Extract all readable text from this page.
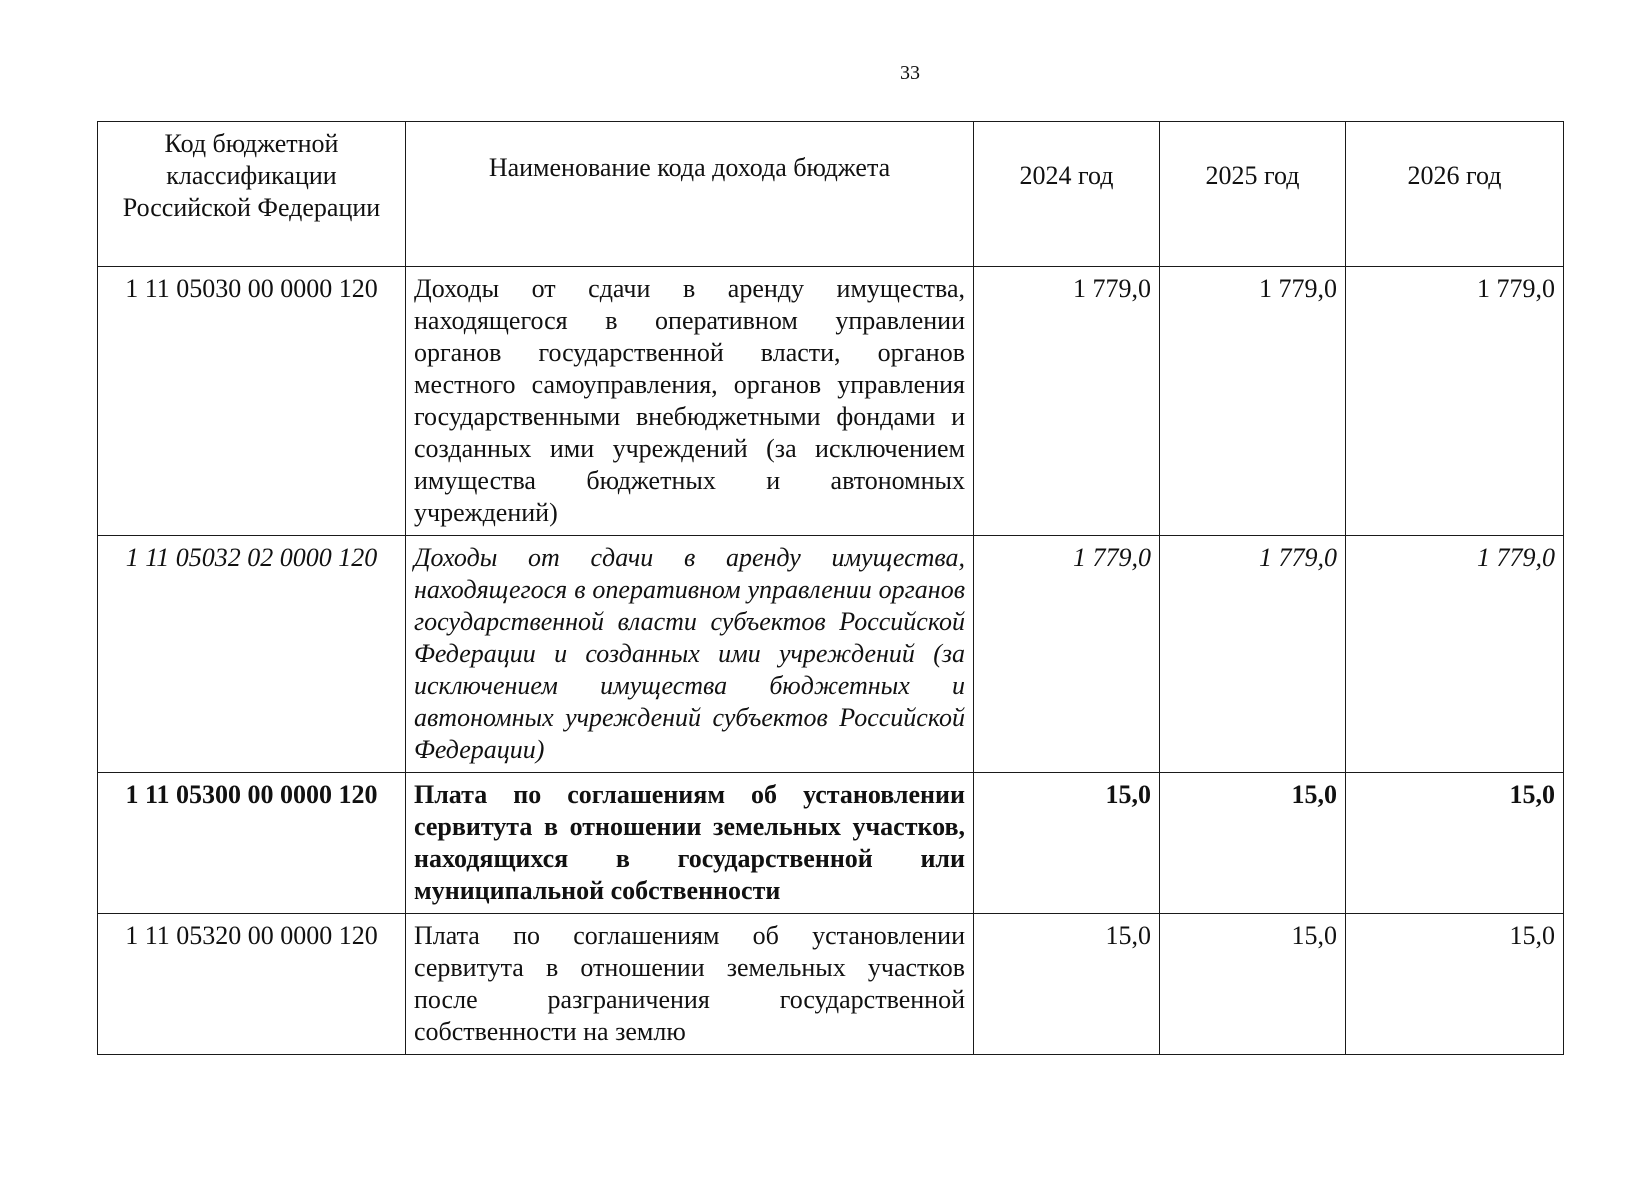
33
Код бюджетной классификации Российской Федерации	Наименование кода дохода бюджета	2024 год	2025 год	2026 год
1 11 05030 00 0000 120	Доходы от сдачи в аренду имущества, находящегося в оперативном управлении органов государственной власти, органов местного самоуправления, органов управления государственными внебюджетными фондами и созданных ими учреждений (за исключением имущества бюджетных и автономных учреждений)	1 779,0	1 779,0	1 779,0
1 11 05032 02 0000 120	Доходы от сдачи в аренду имущества, находящегося в оперативном управлении органов государственной власти субъектов Российской Федерации и созданных ими учреждений (за исключением имущества бюджетных и автономных учреждений субъектов Российской Федерации)	1 779,0	1 779,0	1 779,0
1 11 05300 00 0000 120	Плата по соглашениям об установлении сервитута в отношении земельных участков, находящихся в государственной или муниципальной собственности	15,0	15,0	15,0
1 11 05320 00 0000 120	Плата по соглашениям об установлении сервитута в отношении земельных участков после разграничения государственной собственности на землю	15,0	15,0	15,0
